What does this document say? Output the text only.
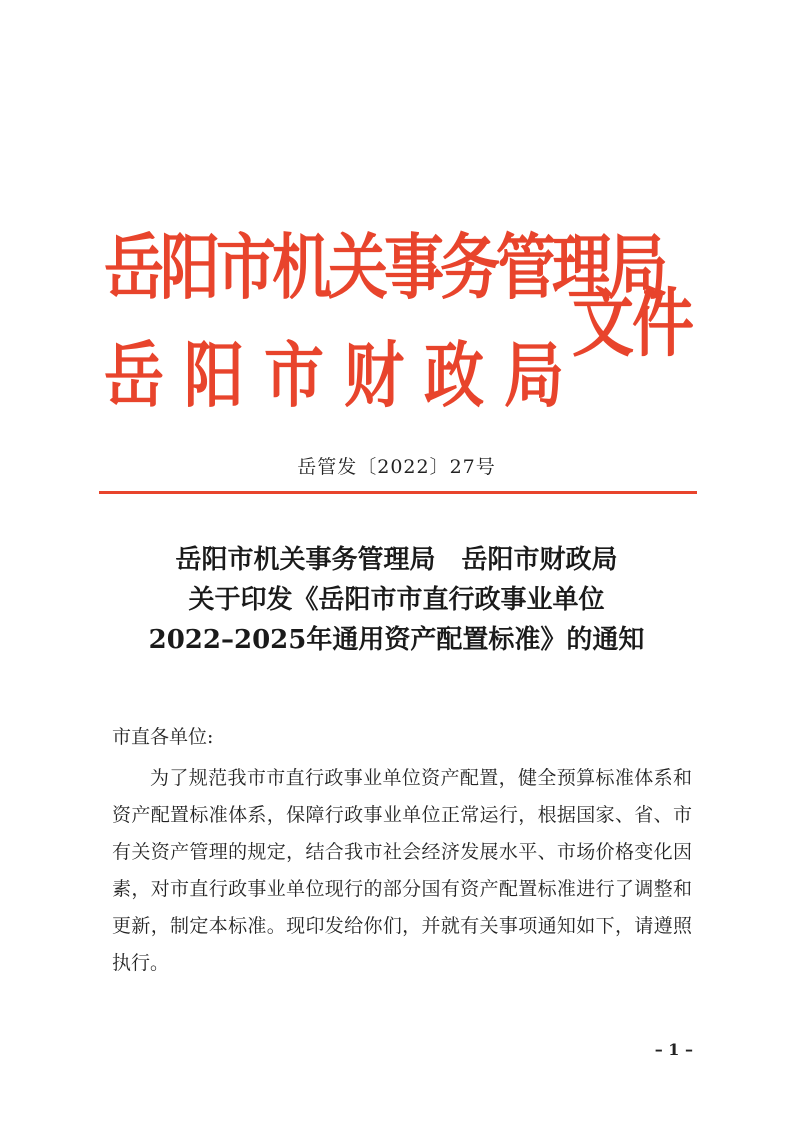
岳阳市机关事务管理局
岳阳市财政局
文件
岳管发〔2022〕27号
岳阳市机关事务管理局　岳阳市财政局
关于印发《岳阳市市直行政事业单位
2022–2025年通用资产配置标准》的通知
市直各单位:
为了规范我市市直行政事业单位资产配置，健全预算标准体系和资产配置标准体系，保障行政事业单位正常运行，根据国家、省、市有关资产管理的规定，结合我市社会经济发展水平、市场价格变化因素，对市直行政事业单位现行的部分国有资产配置标准进行了调整和更新，制定本标准。现印发给你们，并就有关事项通知如下，请遵照执行。
– 1 –
